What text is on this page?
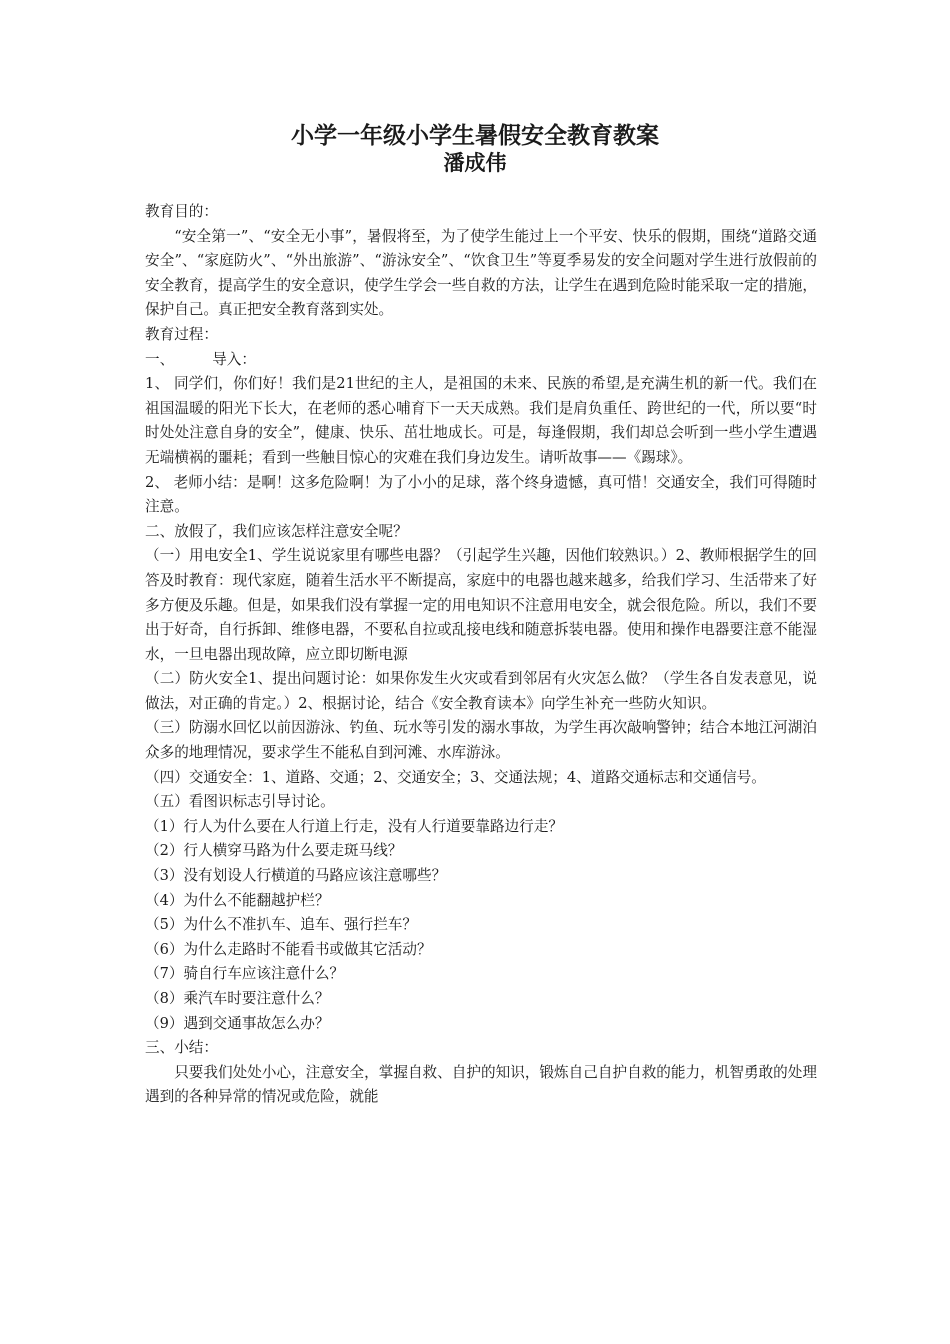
小学一年级小学生暑假安全教育教案
潘成伟

教育目的：

“安全第一”、“安全无小事”，暑假将至，为了使学生能过上一个平安、快乐的假期，围绕“道路交通安全”、“家庭防火”、“外出旅游”、“游泳安全”、“饮食卫生”等夏季易发的安全问题对学生进行放假前的安全教育，提高学生的安全意识，使学生学会一些自救的方法，让学生在遇到危险时能采取一定的措施，保护自己。真正把安全教育落到实处。

教育过程：

一、	导入：

1、 同学们，你们好！我们是21世纪的主人，是祖国的未来、民族的希望,是充满生机的新一代。我们在祖国温暖的阳光下长大，在老师的悉心哺育下一天天成熟。我们是肩负重任、跨世纪的一代，所以要“时时处处注意自身的安全”，健康、快乐、茁壮地成长。可是，每逢假期，我们却总会听到一些小学生遭遇无端横祸的噩耗；看到一些触目惊心的灾难在我们身边发生。请听故事——《踢球》。

2、 老师小结：是啊！这多危险啊！为了小小的足球，落个终身遗憾，真可惜！交通安全，我们可得随时注意。

二、放假了，我们应该怎样注意安全呢？

（一）用电安全1、学生说说家里有哪些电器？（引起学生兴趣，因他们较熟识。）2、教师根据学生的回答及时教育：现代家庭，随着生活水平不断提高，家庭中的电器也越来越多，给我们学习、生活带来了好多方便及乐趣。但是，如果我们没有掌握一定的用电知识不注意用电安全，就会很危险。所以，我们不要出于好奇，自行拆卸、维修电器，不要私自拉或乱接电线和随意拆装电器。使用和操作电器要注意不能湿水，一旦电器出现故障，应立即切断电源

（二）防火安全1、提出问题讨论：如果你发生火灾或看到邻居有火灾怎么做？（学生各自发表意见，说做法，对正确的肯定。）2、根据讨论，结合《安全教育读本》向学生补充一些防火知识。

（三）防溺水回忆以前因游泳、钓鱼、玩水等引发的溺水事故，为学生再次敲响警钟；结合本地江河湖泊众多的地理情况，要求学生不能私自到河滩、水库游泳。

（四）交通安全：1、道路、交通；2、交通安全；3、交通法规；4、道路交通标志和交通信号。

（五）看图识标志引导讨论。

（1）行人为什么要在人行道上行走，没有人行道要靠路边行走？

（2）行人横穿马路为什么要走斑马线？

（3）没有划设人行横道的马路应该注意哪些？

（4）为什么不能翻越护栏？

（5）为什么不准扒车、追车、强行拦车？

（6）为什么走路时不能看书或做其它活动？

（7）骑自行车应该注意什么？

（8）乘汽车时要注意什么？

（9）遇到交通事故怎么办？

三、小结：

只要我们处处小心，注意安全，掌握自救、自护的知识，锻炼自己自护自救的能力，机智勇敢的处理遇到的各种异常的情况或危险，就能
